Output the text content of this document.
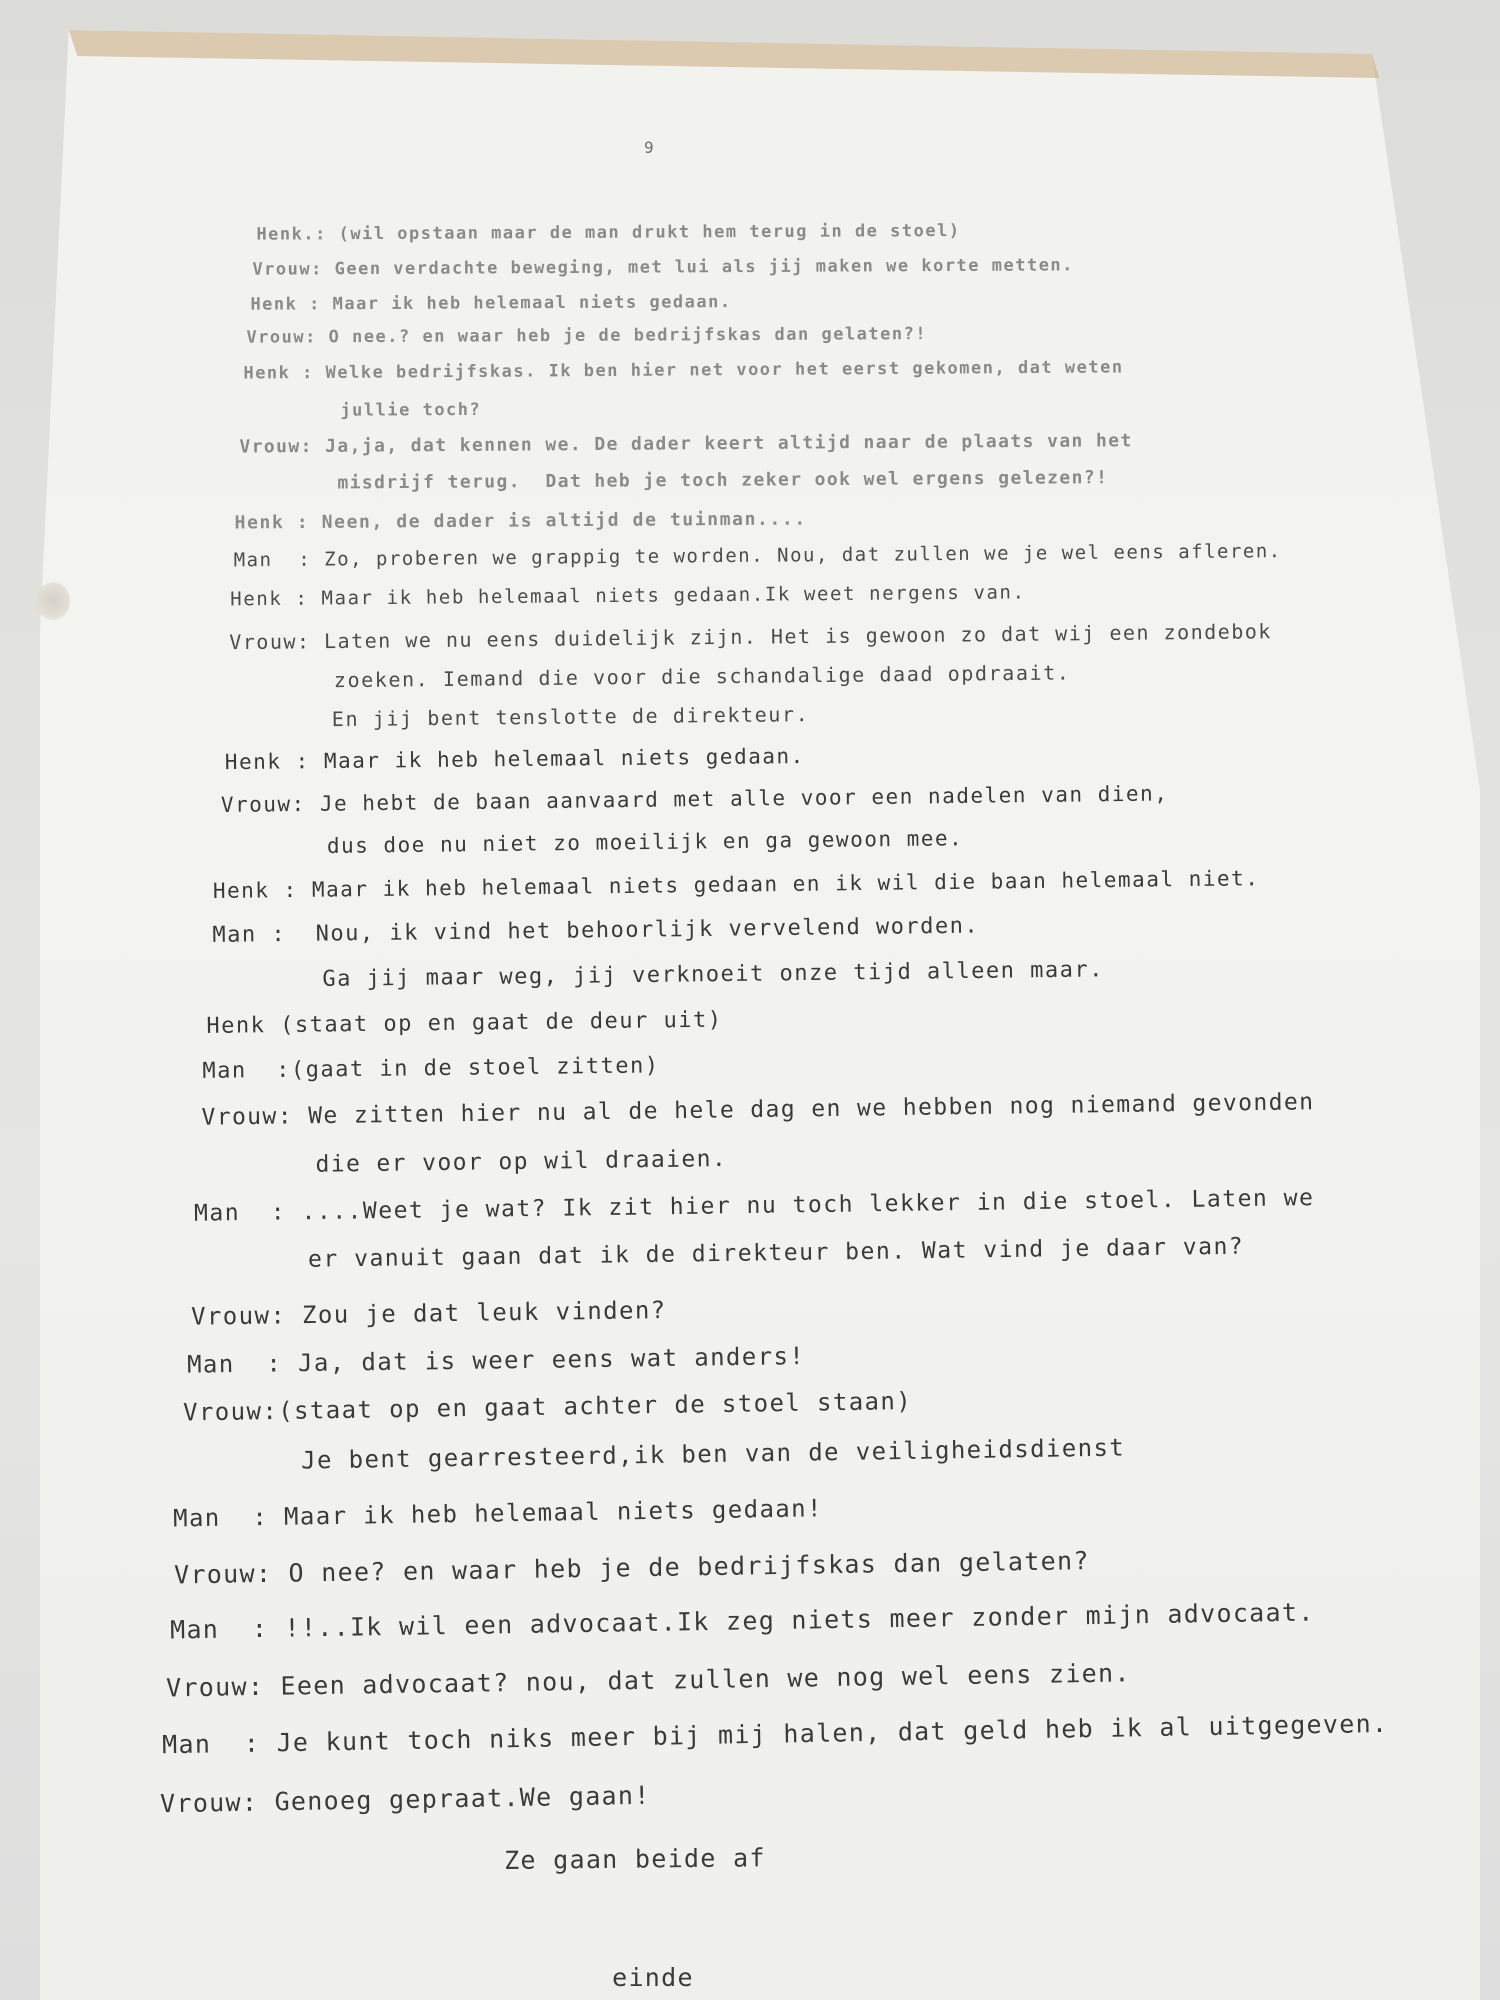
9

Henk.: (wil opstaan maar de man drukt hem terug in de stoel)

Vrouw: Geen verdachte beweging, met lui als jij maken we korte metten.

Henk : Maar ik heb helemaal niets gedaan.

Vrouw: O nee.? en waar heb je de bedrijfskas dan gelaten?!

Henk : Welke bedrijfskas. Ik ben hier net voor het eerst gekomen, dat weten

jullie toch?

Vrouw: Ja,ja, dat kennen we. De dader keert altijd naar de plaats van het

misdrijf terug.  Dat heb je toch zeker ook wel ergens gelezen?!

Henk : Neen, de dader is altijd de tuinman....

Man  : Zo, proberen we grappig te worden. Nou, dat zullen we je wel eens afleren.

Henk : Maar ik heb helemaal niets gedaan.Ik weet nergens van.

Vrouw: Laten we nu eens duidelijk zijn. Het is gewoon zo dat wij een zondebok

zoeken. Iemand die voor die schandalige daad opdraait.

En jij bent tenslotte de direkteur.

Henk : Maar ik heb helemaal niets gedaan.

Vrouw: Je hebt de baan aanvaard met alle voor een nadelen van dien,

dus doe nu niet zo moeilijk en ga gewoon mee.

Henk : Maar ik heb helemaal niets gedaan en ik wil die baan helemaal niet.

Man :  Nou, ik vind het behoorlijk vervelend worden.

Ga jij maar weg, jij verknoeit onze tijd alleen maar.

Henk (staat op en gaat de deur uit)

Man  :(gaat in de stoel zitten)

Vrouw: We zitten hier nu al de hele dag en we hebben nog niemand gevonden

die er voor op wil draaien.

Man  : ....Weet je wat? Ik zit hier nu toch lekker in die stoel. Laten we

er vanuit gaan dat ik de direkteur ben. Wat vind je daar van?

Vrouw: Zou je dat leuk vinden?

Man  : Ja, dat is weer eens wat anders!

Vrouw:(staat op en gaat achter de stoel staan)

Je bent gearresteerd,ik ben van de veiligheidsdienst

Man  : Maar ik heb helemaal niets gedaan!

Vrouw: O nee? en waar heb je de bedrijfskas dan gelaten?

Man  : !!..Ik wil een advocaat.Ik zeg niets meer zonder mijn advocaat.

Vrouw: Eeen advocaat? nou, dat zullen we nog wel eens zien.

Man  : Je kunt toch niks meer bij mij halen, dat geld heb ik al uitgegeven.

Vrouw: Genoeg gepraat.We gaan!

Ze gaan beide af

einde
